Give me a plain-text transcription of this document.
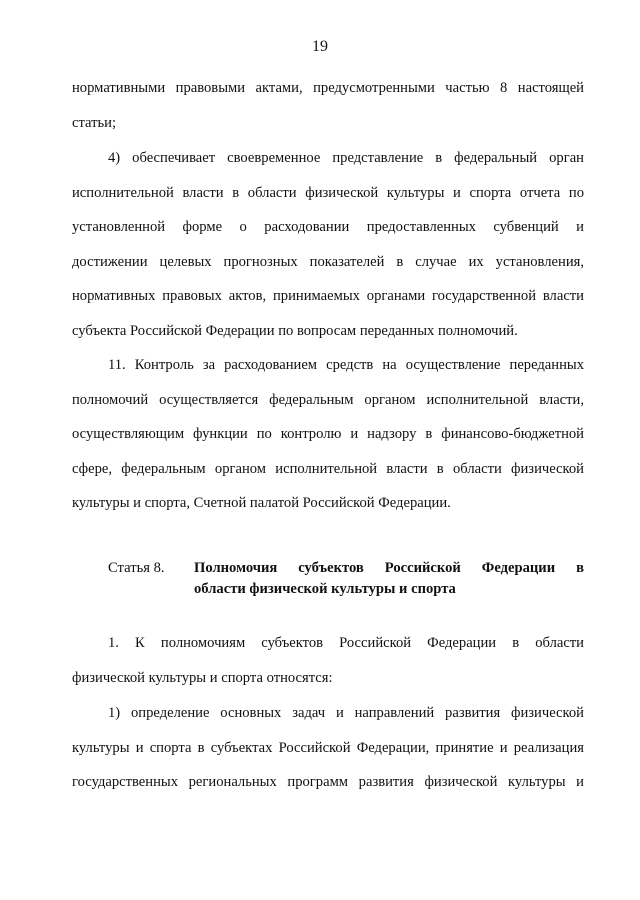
19
нормативными правовыми актами, предусмотренными частью 8 настоящей
статьи;
4) обеспечивает своевременное представление в федеральный орган
исполнительной власти в области физической культуры и спорта отчета по
установленной форме о расходовании предоставленных субвенций и
достижении целевых прогнозных показателей в случае их установления,
нормативных правовых актов, принимаемых органами государственной власти
субъекта Российской Федерации по вопросам переданных полномочий.
11. Контроль за расходованием средств на осуществление переданных
полномочий осуществляется федеральным органом исполнительной власти,
осуществляющим функции по контролю и надзору в финансово-бюджетной
сфере, федеральным органом исполнительной власти в области физической
культуры и спорта, Счетной палатой Российской Федерации.
Статья 8.	Полномочия субъектов Российской Федерации в
области физической культуры и спорта
1. К полномочиям субъектов Российской Федерации в области
физической культуры и спорта относятся:
1) определение основных задач и направлений развития физической
культуры и спорта в субъектах Российской Федерации, принятие и реализация
государственных региональных программ развития физической культуры и
